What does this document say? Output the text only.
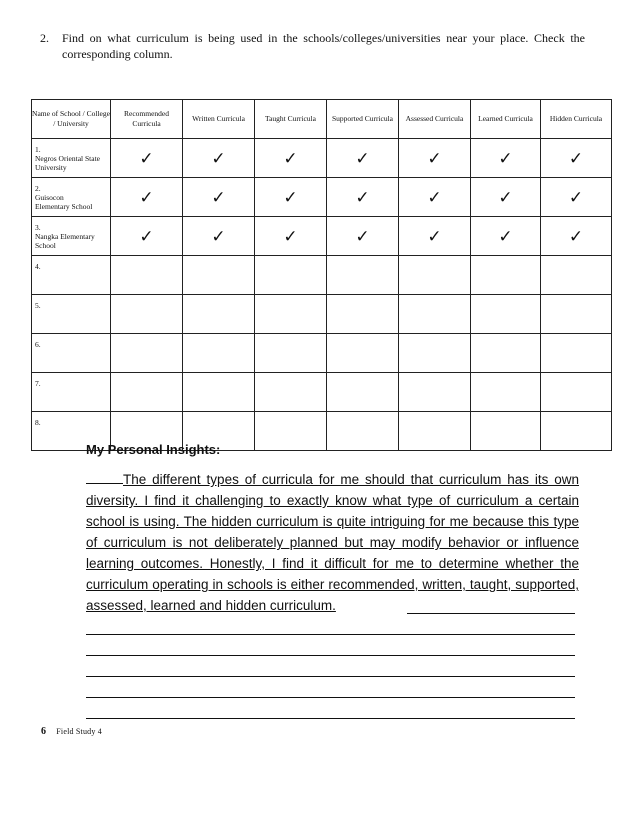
2. Find on what curriculum is being used in the schools/colleges/universities near your place. Check the corresponding column.
Name of School / College / University	Recommended Curricula	Written Curricula	Taught Curricula	Supported Curricula	Assessed Curricula	Learned Curricula	Hidden Curricula
1.Negros Oriental State University	✓	✓	✓	✓	✓	✓	✓
2.Guisocon Elementary School	✓	✓	✓	✓	✓	✓	✓
3.Nangka Elementary School	✓	✓	✓	✓	✓	✓	✓
4.							
5.							
6.							
7.							
8.							
My Personal Insights:
The different types of curricula for me should that curriculum has its own diversity. I find it challenging to exactly know what type of curriculum a certain school is using. The hidden curriculum is quite intriguing for me because this type of curriculum is not deliberately planned but may modify behavior or influence learning outcomes. Honestly, I find it difficult for me to determine whether the curriculum operating in schools is either recommended, written, taught, supported, assessed, learned and hidden curriculum.
6 Field Study 4
